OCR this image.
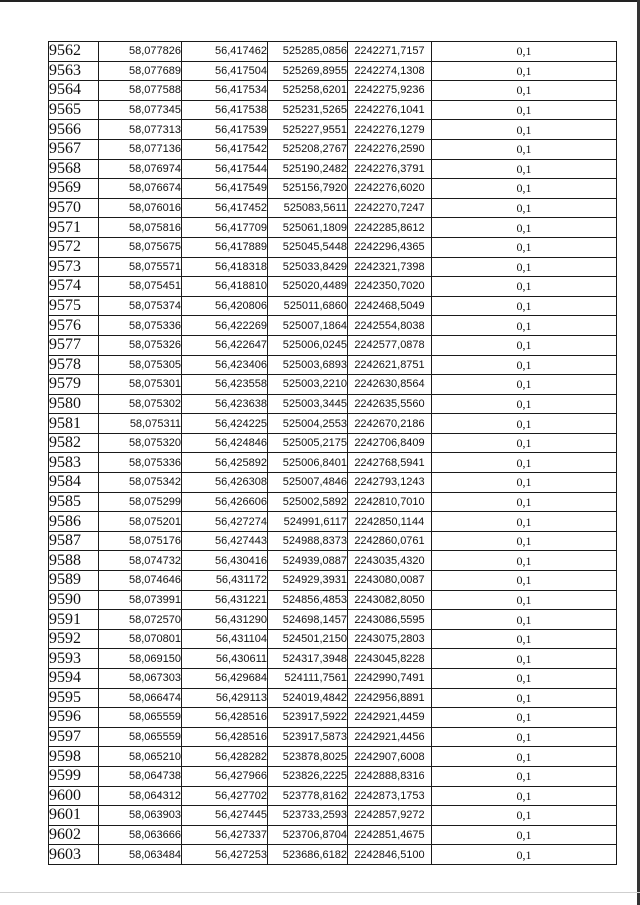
9562	58,077826	56,417462	525285,0856	2242271,7157	0,1
9563	58,077689	56,417504	525269,8955	2242274,1308	0,1
9564	58,077588	56,417534	525258,6201	2242275,9236	0,1
9565	58,077345	56,417538	525231,5265	2242276,1041	0,1
9566	58,077313	56,417539	525227,9551	2242276,1279	0,1
9567	58,077136	56,417542	525208,2767	2242276,2590	0,1
9568	58,076974	56,417544	525190,2482	2242276,3791	0,1
9569	58,076674	56,417549	525156,7920	2242276,6020	0,1
9570	58,076016	56,417452	525083,5611	2242270,7247	0,1
9571	58,075816	56,417709	525061,1809	2242285,8612	0,1
9572	58,075675	56,417889	525045,5448	2242296,4365	0,1
9573	58,075571	56,418318	525033,8429	2242321,7398	0,1
9574	58,075451	56,418810	525020,4489	2242350,7020	0,1
9575	58,075374	56,420806	525011,6860	2242468,5049	0,1
9576	58,075336	56,422269	525007,1864	2242554,8038	0,1
9577	58,075326	56,422647	525006,0245	2242577,0878	0,1
9578	58,075305	56,423406	525003,6893	2242621,8751	0,1
9579	58,075301	56,423558	525003,2210	2242630,8564	0,1
9580	58,075302	56,423638	525003,3445	2242635,5560	0,1
9581	58,075311	56,424225	525004,2553	2242670,2186	0,1
9582	58,075320	56,424846	525005,2175	2242706,8409	0,1
9583	58,075336	56,425892	525006,8401	2242768,5941	0,1
9584	58,075342	56,426308	525007,4846	2242793,1243	0,1
9585	58,075299	56,426606	525002,5892	2242810,7010	0,1
9586	58,075201	56,427274	524991,6117	2242850,1144	0,1
9587	58,075176	56,427443	524988,8373	2242860,0761	0,1
9588	58,074732	56,430416	524939,0887	2243035,4320	0,1
9589	58,074646	56,431172	524929,3931	2243080,0087	0,1
9590	58,073991	56,431221	524856,4853	2243082,8050	0,1
9591	58,072570	56,431290	524698,1457	2243086,5595	0,1
9592	58,070801	56,431104	524501,2150	2243075,2803	0,1
9593	58,069150	56,430611	524317,3948	2243045,8228	0,1
9594	58,067303	56,429684	524111,7561	2242990,7491	0,1
9595	58,066474	56,429113	524019,4842	2242956,8891	0,1
9596	58,065559	56,428516	523917,5922	2242921,4459	0,1
9597	58,065559	56,428516	523917,5873	2242921,4456	0,1
9598	58,065210	56,428282	523878,8025	2242907,6008	0,1
9599	58,064738	56,427966	523826,2225	2242888,8316	0,1
9600	58,064312	56,427702	523778,8162	2242873,1753	0,1
9601	58,063903	56,427445	523733,2593	2242857,9272	0,1
9602	58,063666	56,427337	523706,8704	2242851,4675	0,1
9603	58,063484	56,427253	523686,6182	2242846,5100	0,1
